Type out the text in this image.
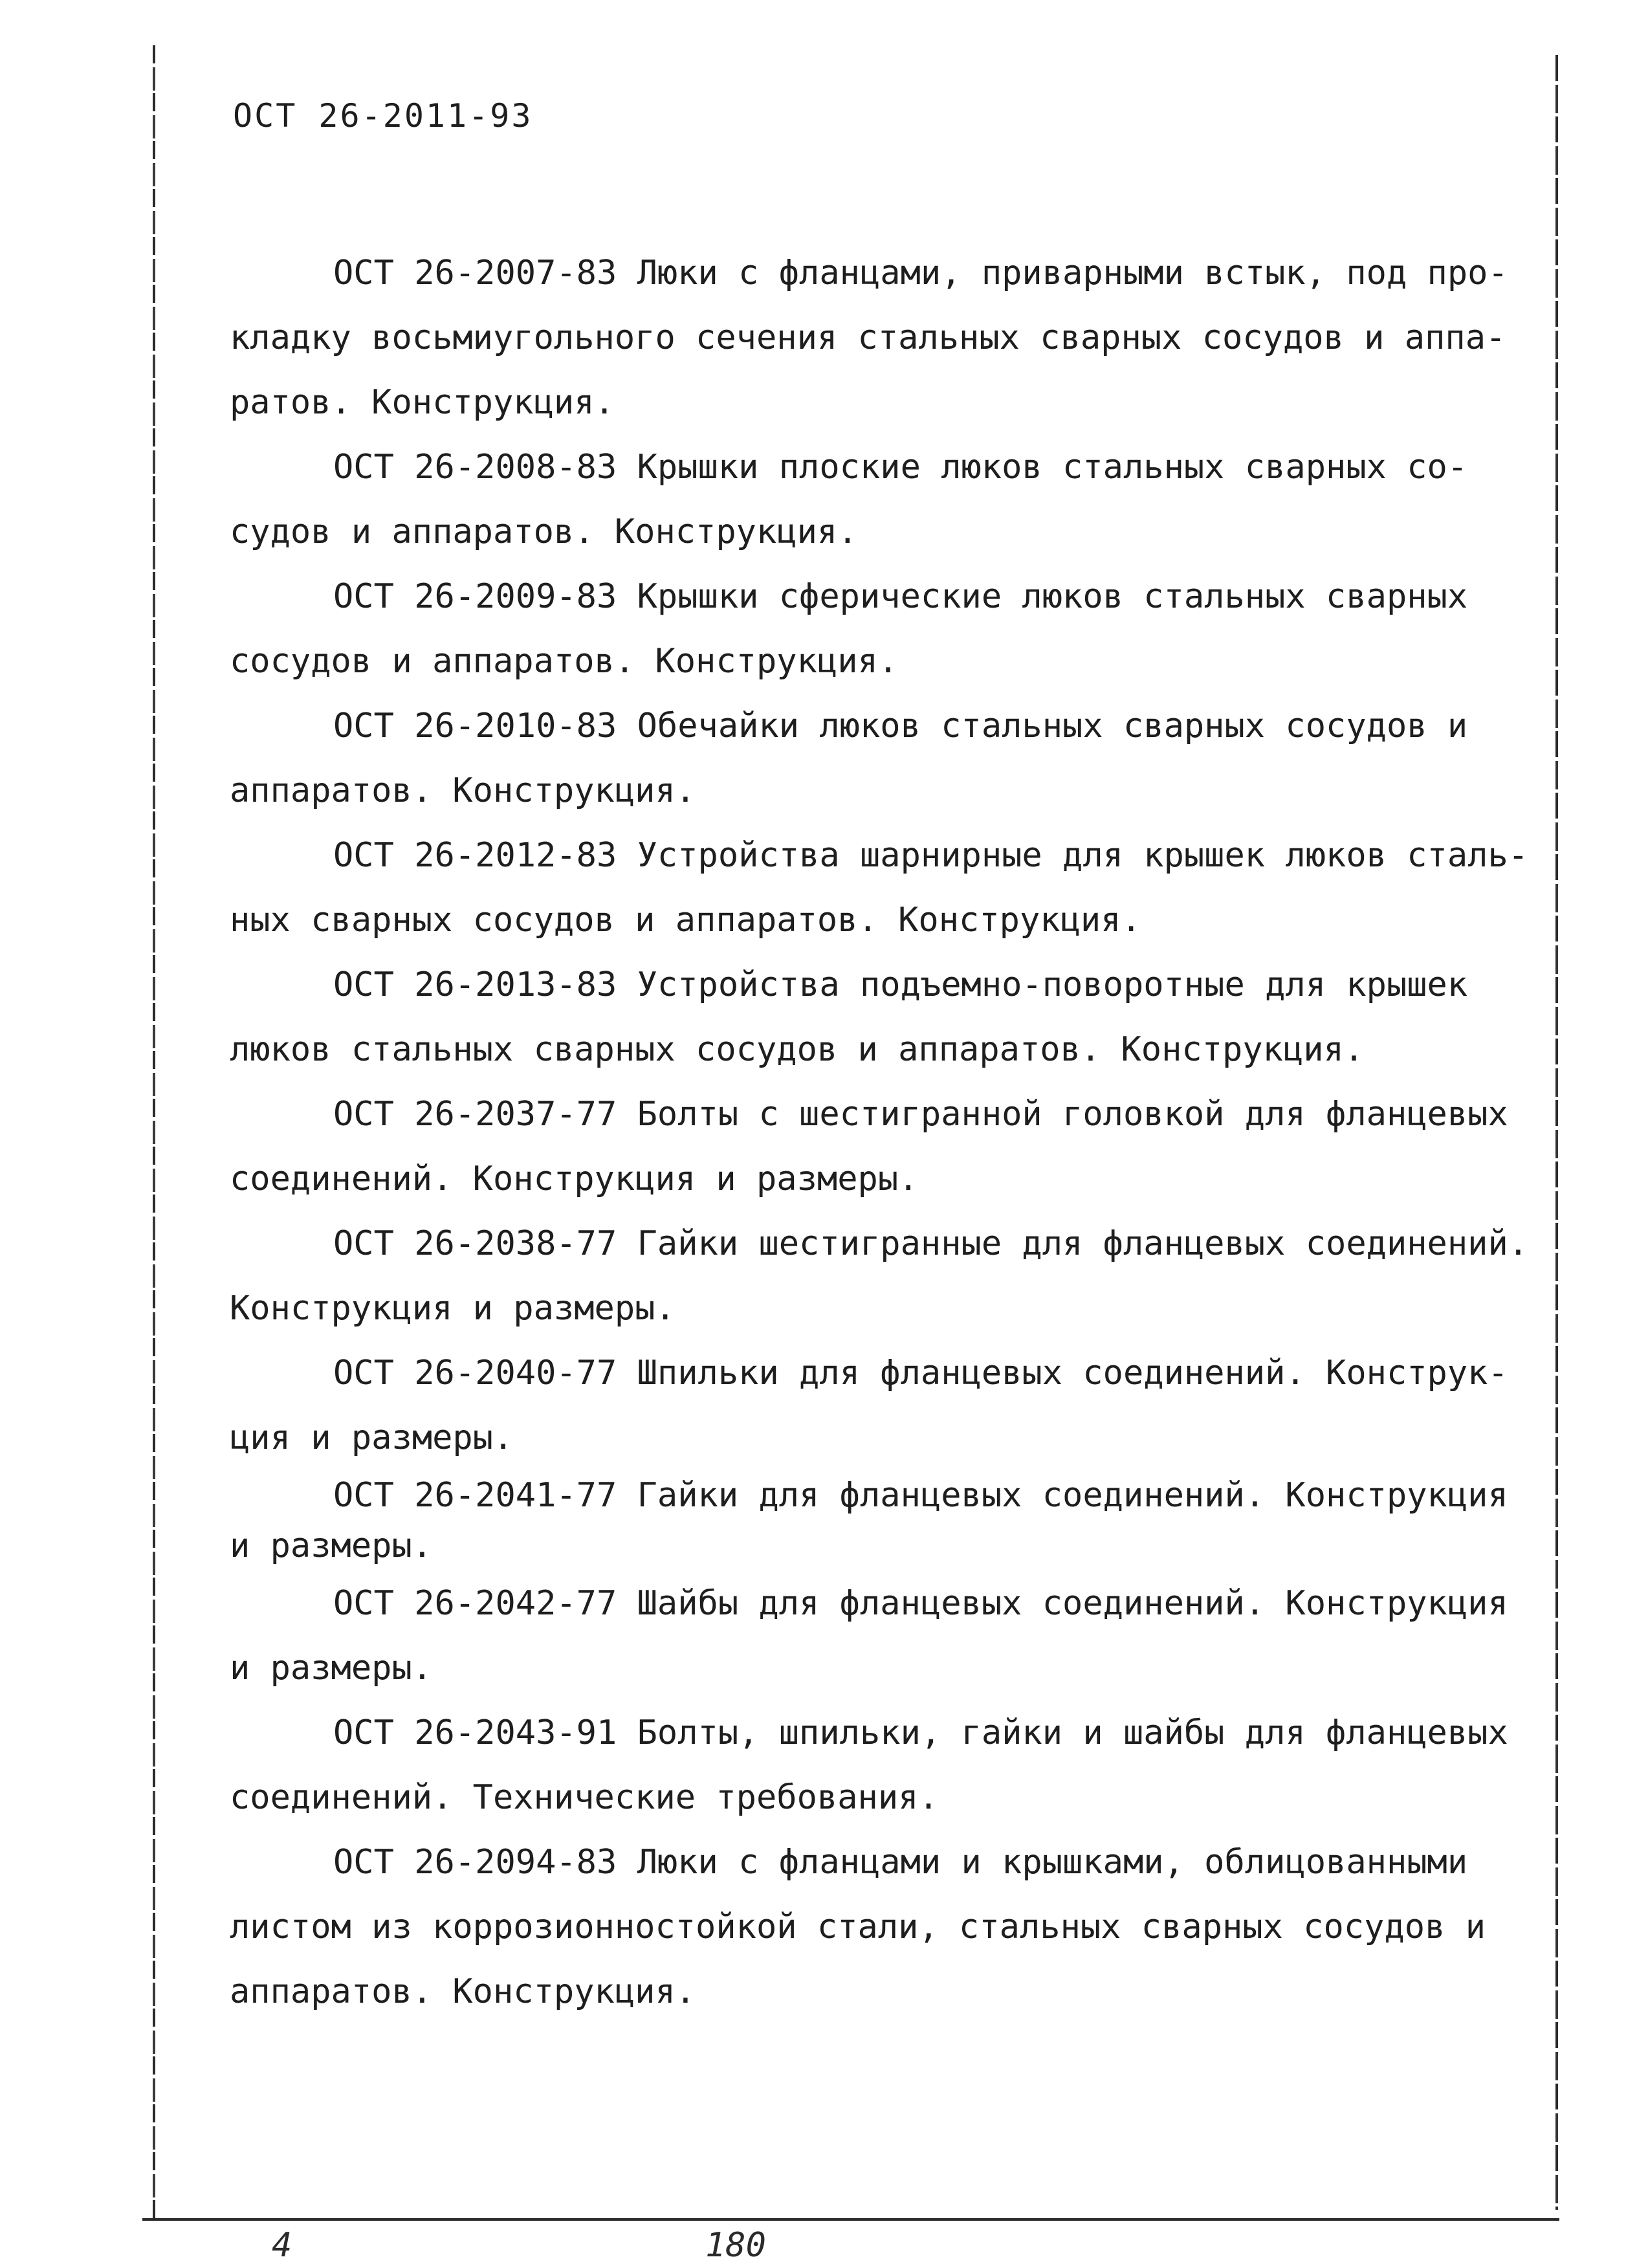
ОСТ 26-2011-93
ОСТ 26-2007-83 Люки с фланцами, приварными встык, под про-
кладку восьмиугольного сечения стальных сварных сосудов и аппа-
ратов. Конструкция.
ОСТ 26-2008-83 Крышки плоские люков стальных сварных со-
судов и аппаратов. Конструкция.
ОСТ 26-2009-83 Крышки сферические люков стальных сварных
сосудов и аппаратов. Конструкция.
ОСТ 26-2010-83 Обечайки люков стальных сварных сосудов и
аппаратов. Конструкция.
ОСТ 26-2012-83 Устройства шарнирные для крышек люков сталь-
ных сварных сосудов и аппаратов. Конструкция.
ОСТ 26-2013-83 Устройства подъемно-поворотные для крышек
люков стальных сварных сосудов и аппаратов. Конструкция.
ОСТ 26-2037-77 Болты с шестигранной головкой для фланцевых
соединений. Конструкция и размеры.
ОСТ 26-2038-77 Гайки шестигранные для фланцевых соединений.
Конструкция и размеры.
ОСТ 26-2040-77 Шпильки для фланцевых соединений. Конструк-
ция и размеры.
ОСТ 26-2041-77 Гайки для фланцевых соединений. Конструкция
и размеры.
ОСТ 26-2042-77 Шайбы для фланцевых соединений. Конструкция
и размеры.
ОСТ 26-2043-91 Болты, шпильки, гайки и шайбы для фланцевых
соединений. Технические требования.
ОСТ 26-2094-83 Люки с фланцами и крышками, облицованными
листом из коррозионностойкой стали, стальных сварных сосудов и
аппаратов. Конструкция.
4	180
